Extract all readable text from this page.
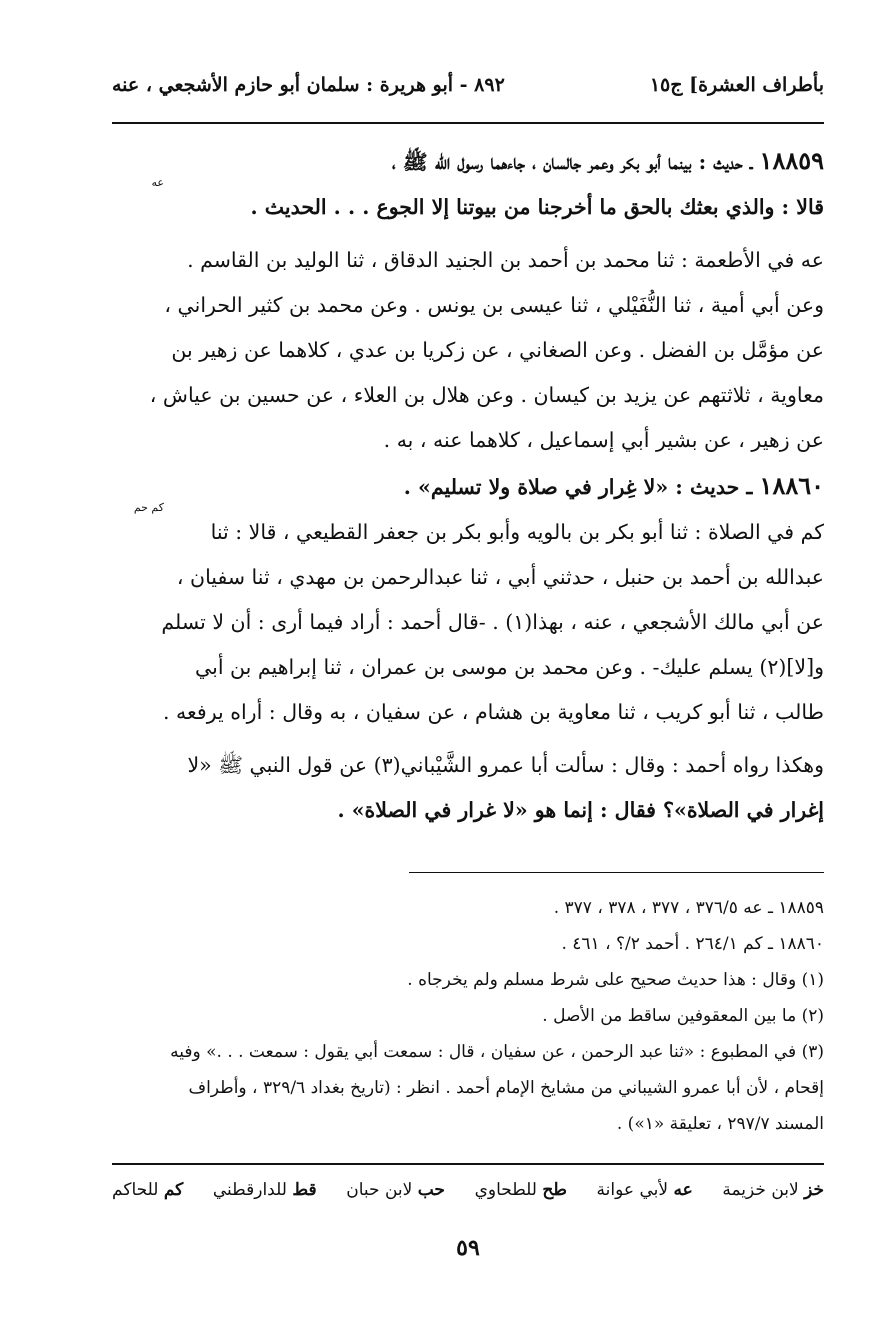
بأطراف العشرة] ج١٥
٨٩٢ - أبو هريرة : سلمان أبو حازم الأشجعي ، عنه

١٨٨٥٩ ـ حديث : بينما أبو بكر وعمر جالسان ، جاءهما رسول الله ﷺ ،

عه

قالا : والذي بعثك بالحق ما أخرجنا من بيوتنا إلا الجوع . . . الحديث .

عه في الأطعمة : ثنا محمد بن أحمد بن الجنيد الدقاق ، ثنا الوليد بن القاسم .

وعن أبي أمية ، ثنا النُّفَيْلي ، ثنا عيسى بن يونس . وعن محمد بن كثير الحراني ،

عن مؤمَّل بن الفضل . وعن الصغاني ، عن زكريا بن عدي ، كلاهما عن زهير بن

معاوية ، ثلاثتهم عن يزيد بن كيسان . وعن هلال بن العلاء ، عن حسين بن عياش ،

عن زهير ، عن بشير أبي إسماعيل ، كلاهما عنه ، به .

١٨٨٦٠ ـ حديث : «لا غِرار في صلاة ولا تسليم» .

كم حم

كم في الصلاة : ثنا أبو بكر بن بالويه وأبو بكر بن جعفر القطيعي ، قالا : ثنا

عبدالله بن أحمد بن حنبل ، حدثني أبي ، ثنا عبدالرحمن بن مهدي ، ثنا سفيان ،

عن أبي مالك الأشجعي ، عنه ، بهذا(١) . -قال أحمد : أراد فيما أرى : أن لا تسلم

و[لا](٢) يسلم عليك- . وعن محمد بن موسى بن عمران ، ثنا إبراهيم بن أبي

طالب ، ثنا أبو كريب ، ثنا معاوية بن هشام ، عن سفيان ، به وقال : أراه يرفعه .

وهكذا رواه أحمد : وقال : سألت أبا عمرو الشَّيْباني(٣) عن قول النبي ﷺ «لا

إغرار في الصلاة»؟ فقال : إنما هو «لا غرار في الصلاة» .

١٨٨٥٩ ـ عه ٣٧٦/٥ ، ٣٧٧ ، ٣٧٨ ، ٣٧٧ .

١٨٨٦٠ ـ كم ٢٦٤/١ . أحمد ٢/؟ ، ٤٦١ .

(١) وقال : هذا حديث صحيح على شرط مسلم ولم يخرجاه .

(٢) ما بين المعقوفين ساقط من الأصل .

(٣) في المطبوع : «ثنا عبد الرحمن ، عن سفيان ، قال : سمعت أبي يقول : سمعت . . .» وفيه

إقحام ، لأن أبا عمرو الشيباني من مشايخ الإمام أحمد . انظر : (تاريخ بغداد ٣٢٩/٦ ، وأطراف

المسند ٢٩٧/٧ ، تعليقة «١») .

خز لابن خزيمة
عه لأبي عوانة
طح للطحاوي
حب لابن حبان
قط للدارقطني
كم للحاكم
٥٩
